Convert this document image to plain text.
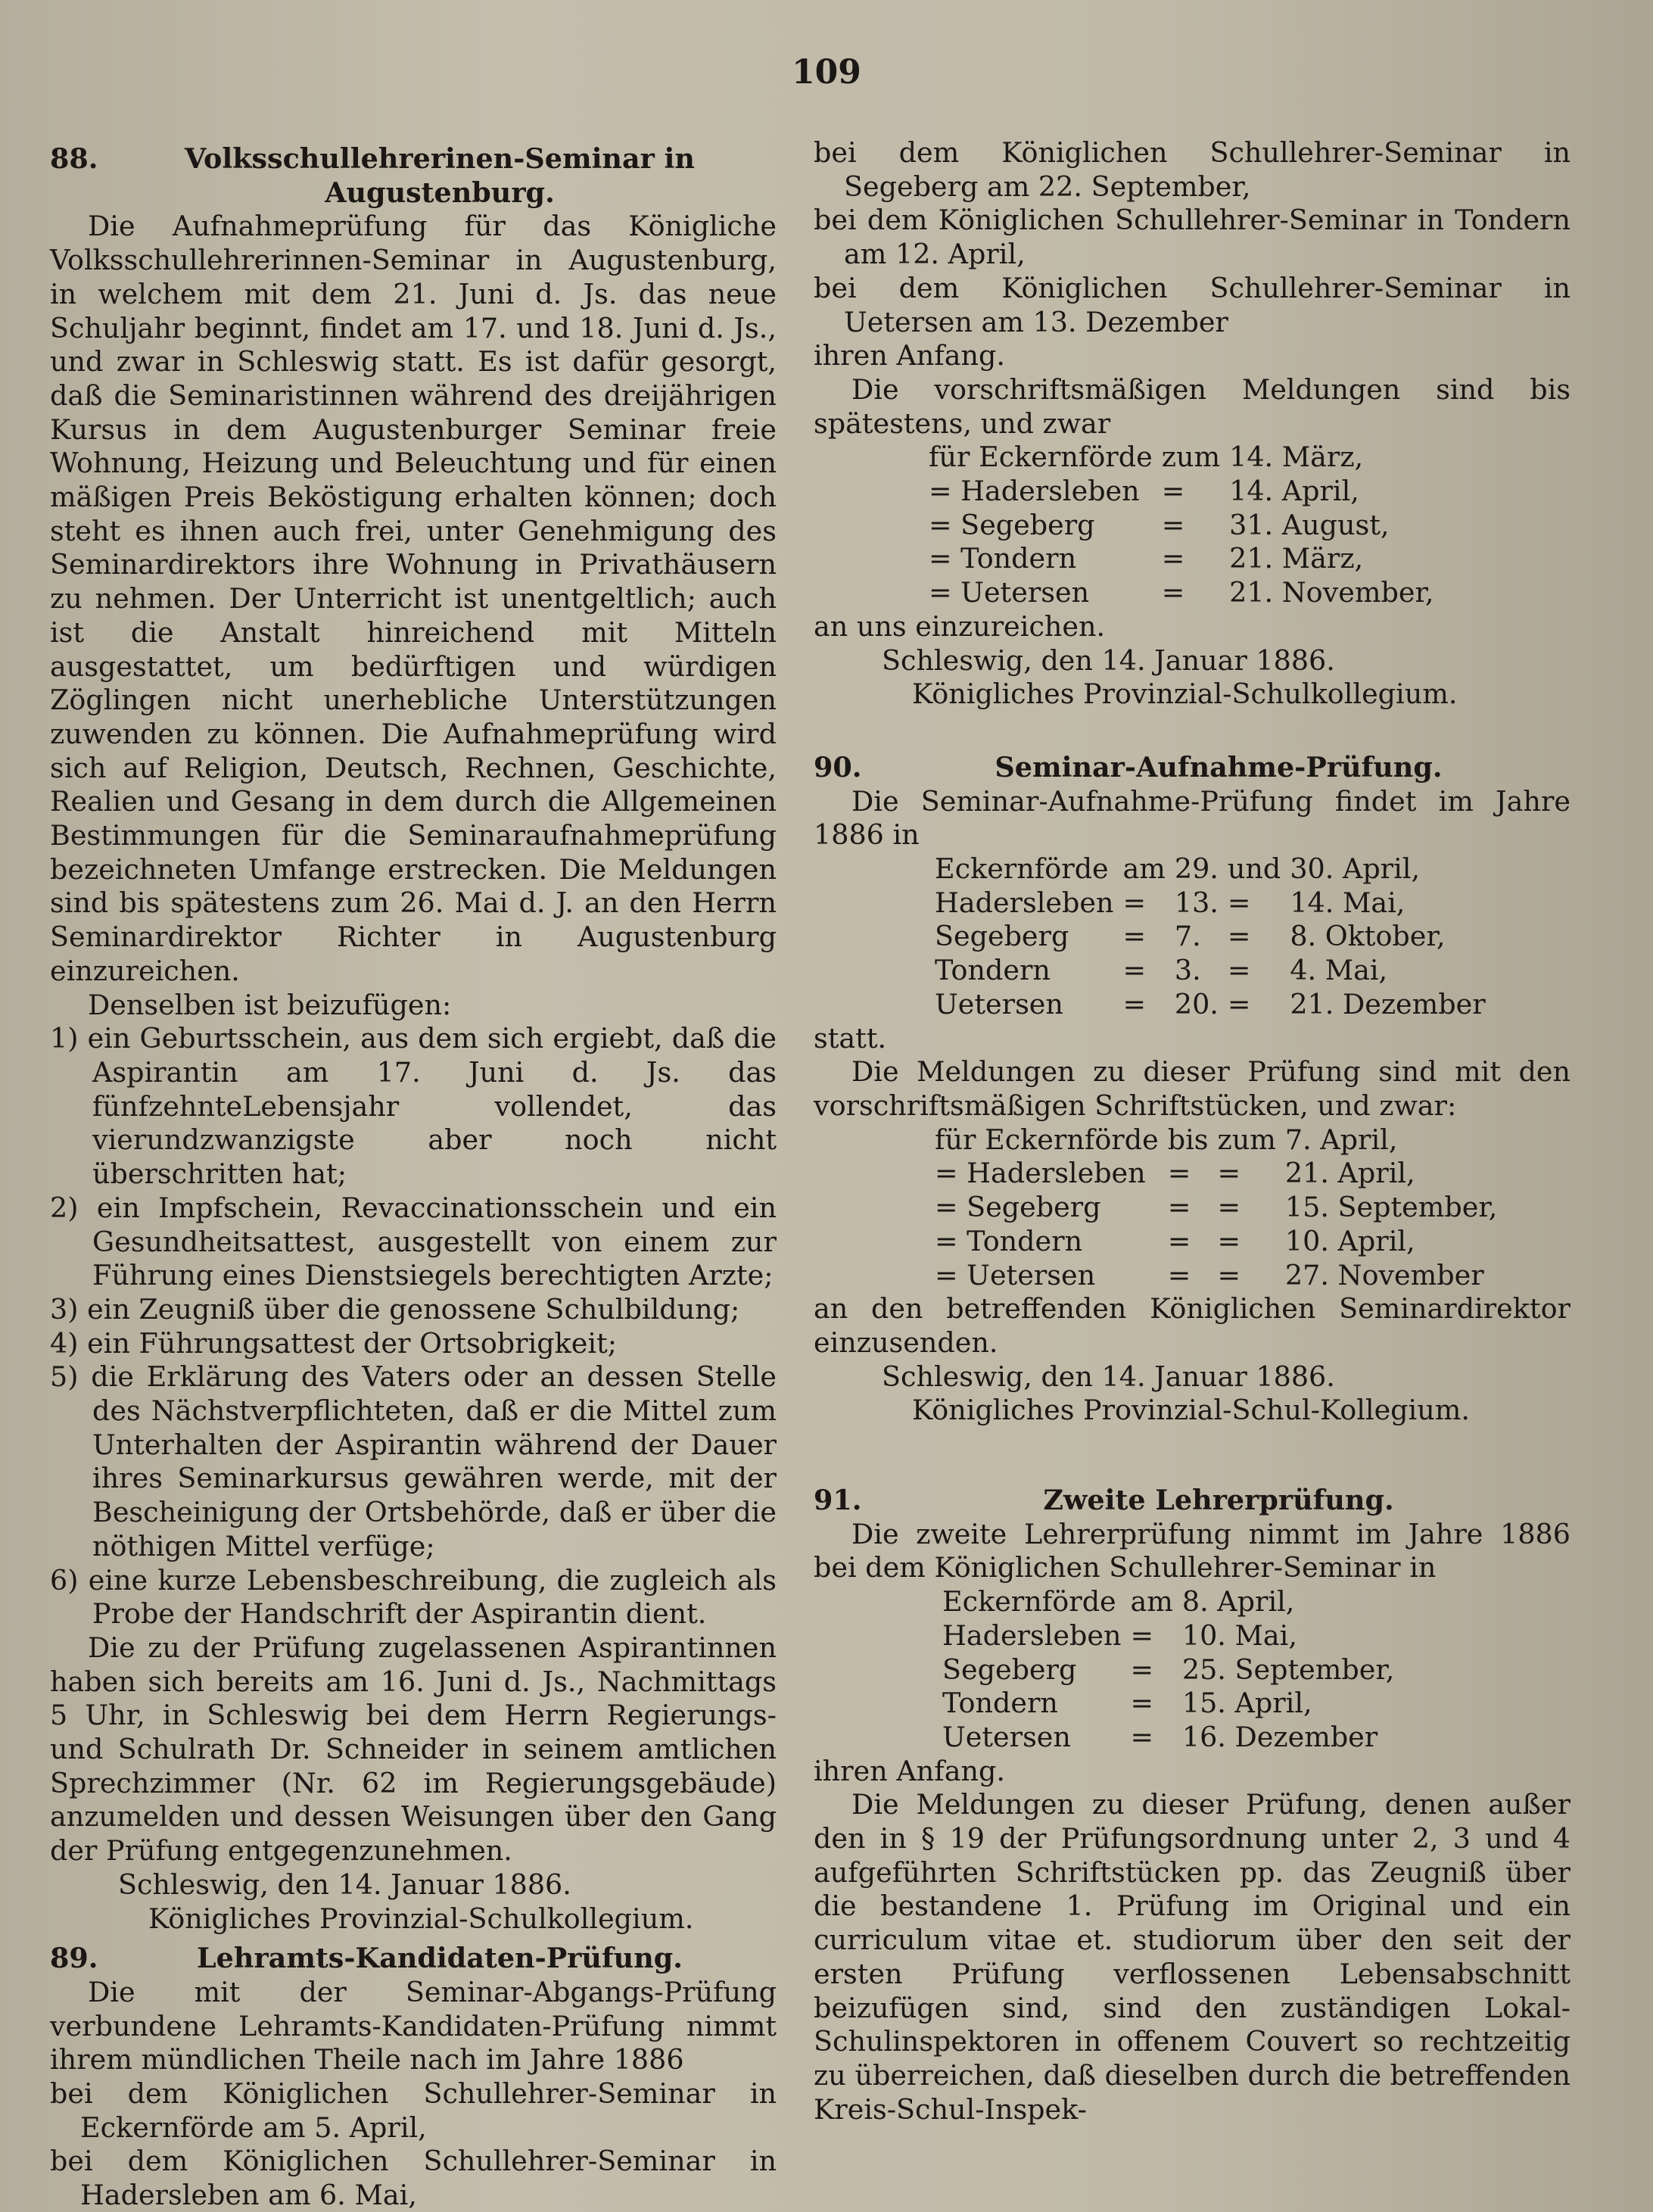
109
88.	Volksschullehrerinen-Seminar in Augustenburg.

Die Aufnahmeprüfung für das Königliche Volksschullehrerinnen-Seminar in Augustenburg, in welchem mit dem 21. Juni d. Js. das neue Schuljahr beginnt, findet am 17. und 18. Juni d. Js., und zwar in Schleswig statt. Es ist dafür gesorgt, daß die Seminaristinnen während des dreijährigen Kursus in dem Augustenburger Seminar freie Wohnung, Heizung und Beleuchtung und für einen mäßigen Preis Beköstigung erhalten können; doch steht es ihnen auch frei, unter Genehmigung des Seminardirektors ihre Wohnung in Privathäusern zu nehmen. Der Unterricht ist unentgeltlich; auch ist die Anstalt hinreichend mit Mitteln ausgestattet, um bedürftigen und würdigen Zöglingen nicht unerhebliche Unterstützungen zuwenden zu können. Die Aufnahmeprüfung wird sich auf Religion, Deutsch, Rechnen, Geschichte, Realien und Gesang in dem durch die Allgemeinen Bestimmungen für die Seminaraufnahmeprüfung bezeichneten Umfange erstrecken. Die Meldungen sind bis spätestens zum 26. Mai d. J. an den Herrn Seminardirektor Richter in Augustenburg einzureichen.

Denselben ist beizufügen:

1) ein Geburtsschein, aus dem sich ergiebt, daß die Aspirantin am 17. Juni d. Js. das fünfzehnteLebensjahr vollendet, das vierundzwanzigste aber noch nicht überschritten hat;

2) ein Impfschein, Revaccinationsschein und ein Gesundheitsattest, ausgestellt von einem zur Führung eines Dienstsiegels berechtigten Arzte;

3) ein Zeugniß über die genossene Schulbildung;

4) ein Führungsattest der Ortsobrigkeit;

5) die Erklärung des Vaters oder an dessen Stelle des Nächstverpflichteten, daß er die Mittel zum Unterhalten der Aspirantin während der Dauer ihres Seminarkursus gewähren werde, mit der Bescheinigung der Ortsbehörde, daß er über die nöthigen Mittel verfüge;

6) eine kurze Lebensbeschreibung, die zugleich als Probe der Handschrift der Aspirantin dient.

Die zu der Prüfung zugelassenen Aspirantinnen haben sich bereits am 16. Juni d. Js., Nachmittags 5 Uhr, in Schleswig bei dem Herrn Regierungs- und Schulrath Dr. Schneider in seinem amtlichen Sprechzimmer (Nr. 62 im Regierungsgebäude) anzumelden und dessen Weisungen über den Gang der Prüfung entgegenzunehmen.

Schleswig, den 14. Januar 1886.

Königliches Provinzial-Schulkollegium.

89.	Lehramts-Kandidaten-Prüfung.

Die mit der Seminar-Abgangs-Prüfung verbundene Lehramts-Kandidaten-Prüfung nimmt ihrem mündlichen Theile nach im Jahre 1886

bei dem Königlichen Schullehrer-Seminar in Eckernförde am 5. April,

bei dem Königlichen Schullehrer-Seminar in Hadersleben am 6. Mai,

bei dem Königlichen Schullehrer-Seminar in Segeberg am 22. September,

bei dem Königlichen Schullehrer-Seminar in Tondern am 12. April,

bei dem Königlichen Schullehrer-Seminar in Uetersen am 13. Dezember

ihren Anfang.

Die vorschriftsmäßigen Meldungen sind bis spätestens, und zwar

für Eckernförde	zum	14. März,
= Hadersleben	=	14. April,
= Segeberg	=	31. August,
= Tondern	=	21. März,
= Uetersen	=	21. November,

an uns einzureichen.

Schleswig, den 14. Januar 1886.

Königliches Provinzial-Schulkollegium.

90.	Seminar-Aufnahme-Prüfung.

Die Seminar-Aufnahme-Prüfung findet im Jahre 1886 in

Eckernförde	am	29.	und	30. April,
Hadersleben	=	13.	=	14. Mai,
Segeberg	=	7.	=	8. Oktober,
Tondern	=	3.	=	4. Mai,
Uetersen	=	20.	=	21. Dezember

statt.

Die Meldungen zu dieser Prüfung sind mit den vorschriftsmäßigen Schriftstücken, und zwar:

für Eckernförde	bis	zum	7. April,
= Hadersleben	=	=	21. April,
= Segeberg	=	=	15. September,
= Tondern	=	=	10. April,
= Uetersen	=	=	27. November

an den betreffenden Königlichen Seminardirektor einzusenden.

Schleswig, den 14. Januar 1886.

Königliches Provinzial-Schul-Kollegium.

91.	Zweite Lehrerprüfung.

Die zweite Lehrerprüfung nimmt im Jahre 1886 bei dem Königlichen Schullehrer-Seminar in

Eckernförde	am	8. April,
Hadersleben	=	10. Mai,
Segeberg	=	25. September,
Tondern	=	15. April,
Uetersen	=	16. Dezember

ihren Anfang.

Die Meldungen zu dieser Prüfung, denen außer den in § 19 der Prüfungsordnung unter 2, 3 und 4 aufgeführten Schriftstücken pp. das Zeugniß über die bestandene 1. Prüfung im Original und ein curriculum vitae et. studiorum über den seit der ersten Prüfung verflossenen Lebensabschnitt beizufügen sind, sind den zuständigen Lokal-Schulinspektoren in offenem Couvert so rechtzeitig zu überreichen, daß dieselben durch die betreffenden Kreis-Schul-Inspek-
